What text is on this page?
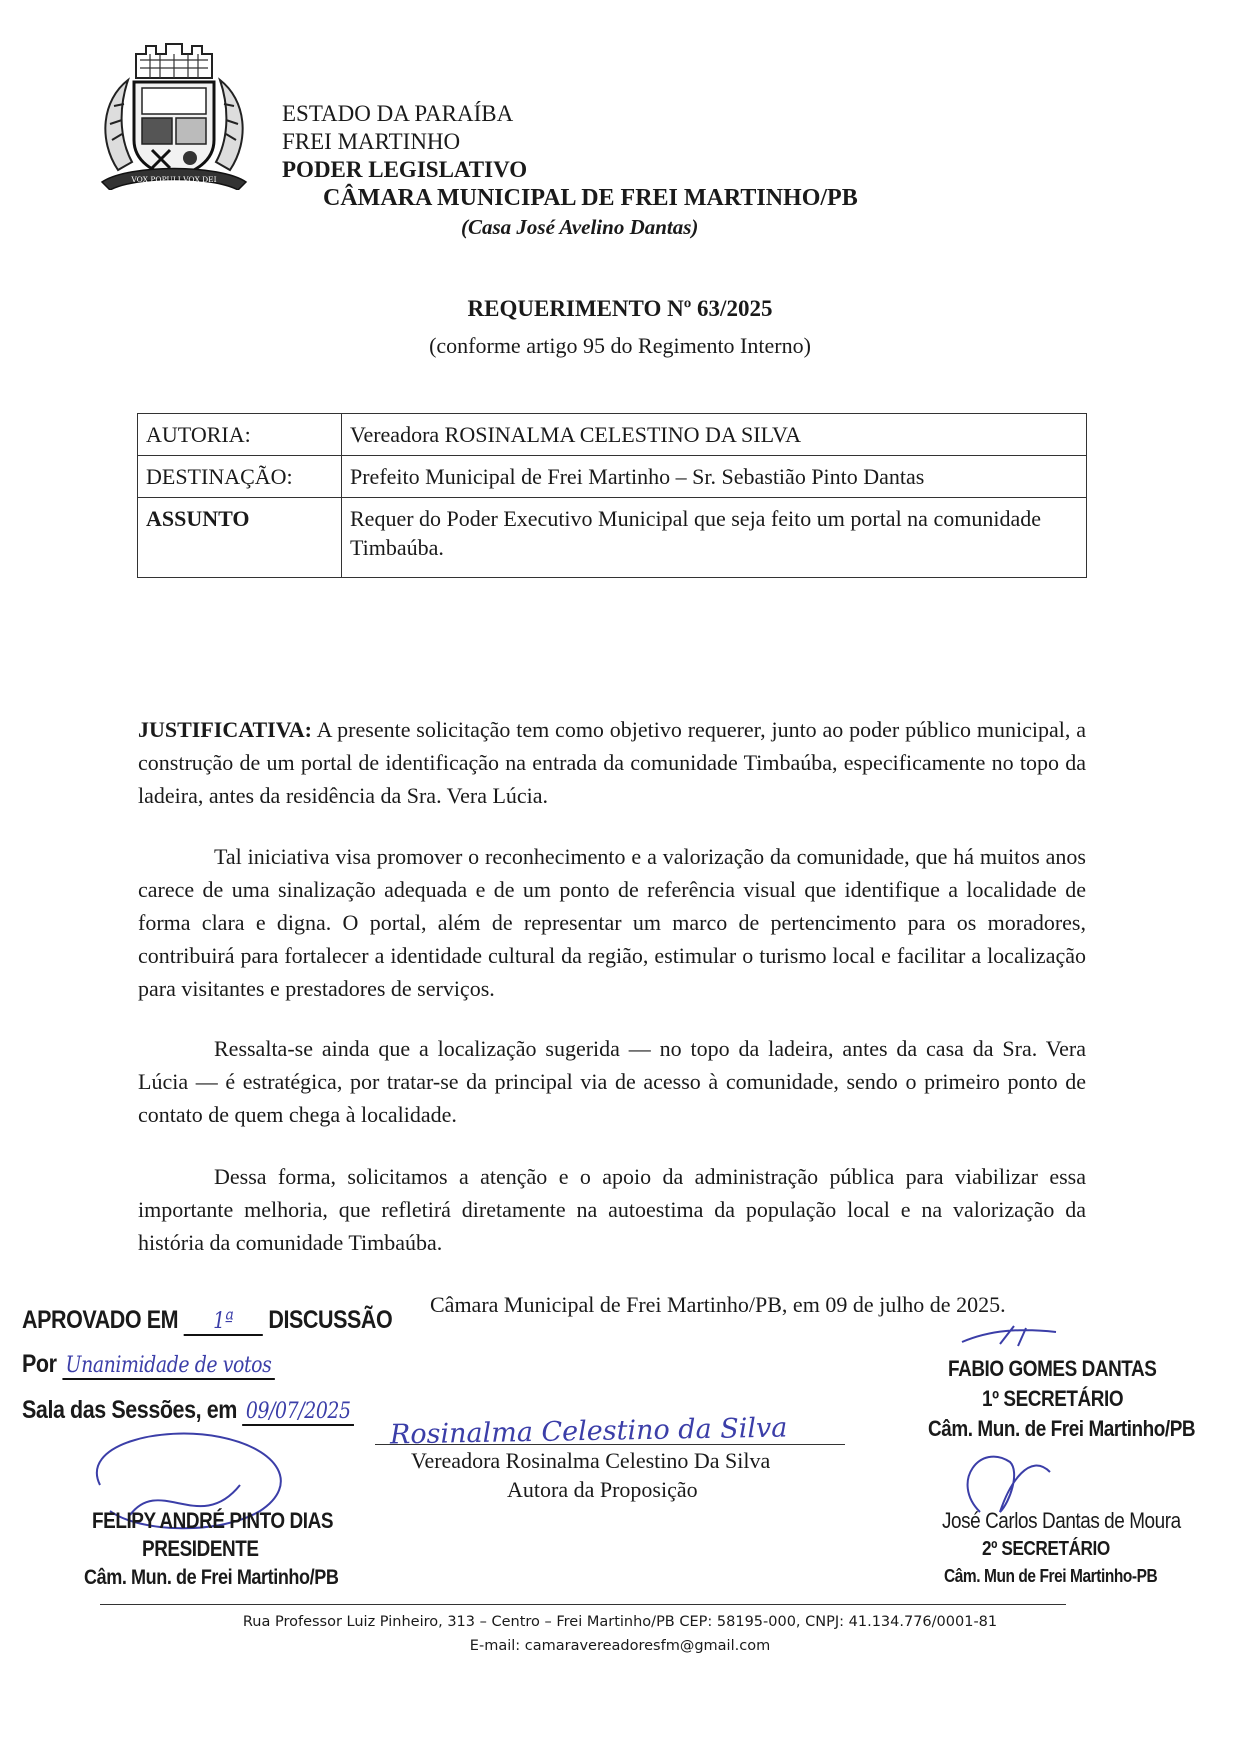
VOX POPULI VOX DEI
ESTADO DA PARAÍBA
FREI MARTINHO
PODER LEGISLATIVO
CÂMARA MUNICIPAL DE FREI MARTINHO/PB
(Casa José Avelino Dantas)
REQUERIMENTO Nº 63/2025
(conforme artigo 95 do Regimento Interno)
AUTORIA:	Vereadora ROSINALMA CELESTINO DA SILVA
DESTINAÇÃO:	Prefeito Municipal de Frei Martinho – Sr. Sebastião Pinto Dantas
ASSUNTO	Requer do Poder Executivo Municipal que seja feito um portal na comunidade Timbaúba.
JUSTIFICATIVA: A presente solicitação tem como objetivo requerer, junto ao poder público municipal, a construção de um portal de identificação na entrada da comunidade Timbaúba, especificamente no topo da ladeira, antes da residência da Sra. Vera Lúcia.
Tal iniciativa visa promover o reconhecimento e a valorização da comunidade, que há muitos anos carece de uma sinalização adequada e de um ponto de referência visual que identifique a localidade de forma clara e digna. O portal, além de representar um marco de pertencimento para os moradores, contribuirá para fortalecer a identidade cultural da região, estimular o turismo local e facilitar a localização para visitantes e prestadores de serviços.
Ressalta-se ainda que a localização sugerida — no topo da ladeira, antes da casa da Sra. Vera Lúcia — é estratégica, por tratar-se da principal via de acesso à comunidade, sendo o primeiro ponto de contato de quem chega à localidade.
Dessa forma, solicitamos a atenção e o apoio da administração pública para viabilizar essa importante melhoria, que refletirá diretamente na autoestima da população local e na valorização da história da comunidade Timbaúba.
Câmara Municipal de Frei Martinho/PB, em 09 de julho de 2025.
APROVADO EM 1ª DISCUSSÃO
Por Unanimidade de votos
Sala das Sessões, em 09/07/2025
FELIPY ANDRÉ PINTO DIAS
PRESIDENTE
Câm. Mun. de Frei Martinho/PB
Rosinalma Celestino da Silva
Vereadora Rosinalma Celestino Da Silva
Autora da Proposição
FABIO GOMES DANTAS
1º SECRETÁRIO
Câm. Mun. de Frei Martinho/PB
José Carlos Dantas de Moura
2º SECRETÁRIO
Câm. Mun de Frei Martinho-PB
Rua Professor Luiz Pinheiro, 313 – Centro – Frei Martinho/PB CEP: 58195-000, CNPJ: 41.134.776/0001-81
E-mail: camaravereadoresfm@gmail.com
